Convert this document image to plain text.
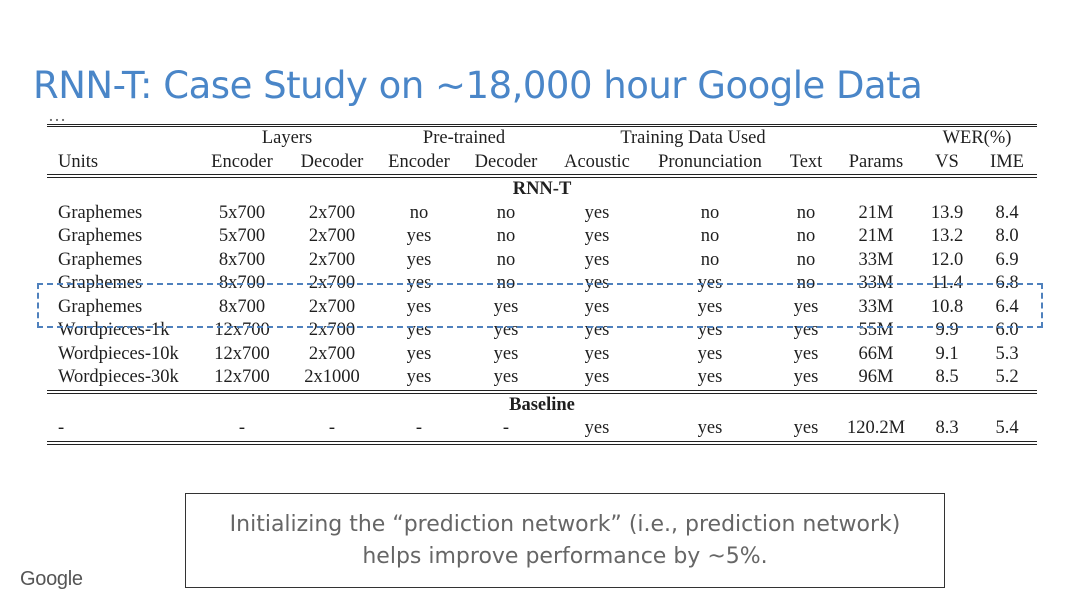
RNN-T: Case Study on ~18,000 hour Google Data
…
	Layers		Pre-trained		Training Data Used				WER(%)	
Units	Encoder	Decoder	Encoder	Decoder	Acoustic	Pronunciation	Text	Params	VS	IME
RNN-T										
Graphemes	5x700	2x700	no	no	yes	no	no	21M	13.9	8.4
Graphemes	5x700	2x700	yes	no	yes	no	no	21M	13.2	8.0
Graphemes	8x700	2x700	yes	no	yes	no	no	33M	12.0	6.9
Graphemes	8x700	2x700	yes	no	yes	yes	no	33M	11.4	6.8
Graphemes	8x700	2x700	yes	yes	yes	yes	yes	33M	10.8	6.4
Wordpieces-1k	12x700	2x700	yes	yes	yes	yes	yes	55M	9.9	6.0
Wordpieces-10k	12x700	2x700	yes	yes	yes	yes	yes	66M	9.1	5.3
Wordpieces-30k	12x700	2x1000	yes	yes	yes	yes	yes	96M	8.5	5.2
Baseline										
-	-	-	-	-	yes	yes	yes	120.2M	8.3	5.4

Initializing the “prediction network” (i.e., prediction network)
helps improve performance by ~5%.
Google
